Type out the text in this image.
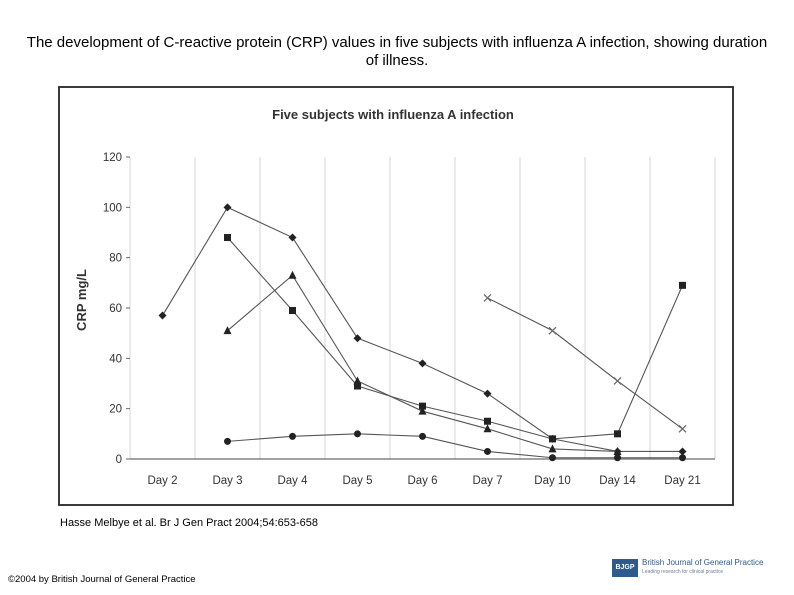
The development of C-reactive protein (CRP) values in five subjects with influenza A infection, showing duration of illness.
Five subjects with influenza A infection
CRP mg/L
0
20
40
60
80
100
120
Day 2	Day 3	Day 4	Day 5	Day 6	Day 7	Day 10 Day 14 Day 21
Hasse Melbye et al. Br J Gen Pract 2004;54:653-658
©2004 by British Journal of General Practice
BJGP
British Journal of General Practice
Leading research for clinical practice
